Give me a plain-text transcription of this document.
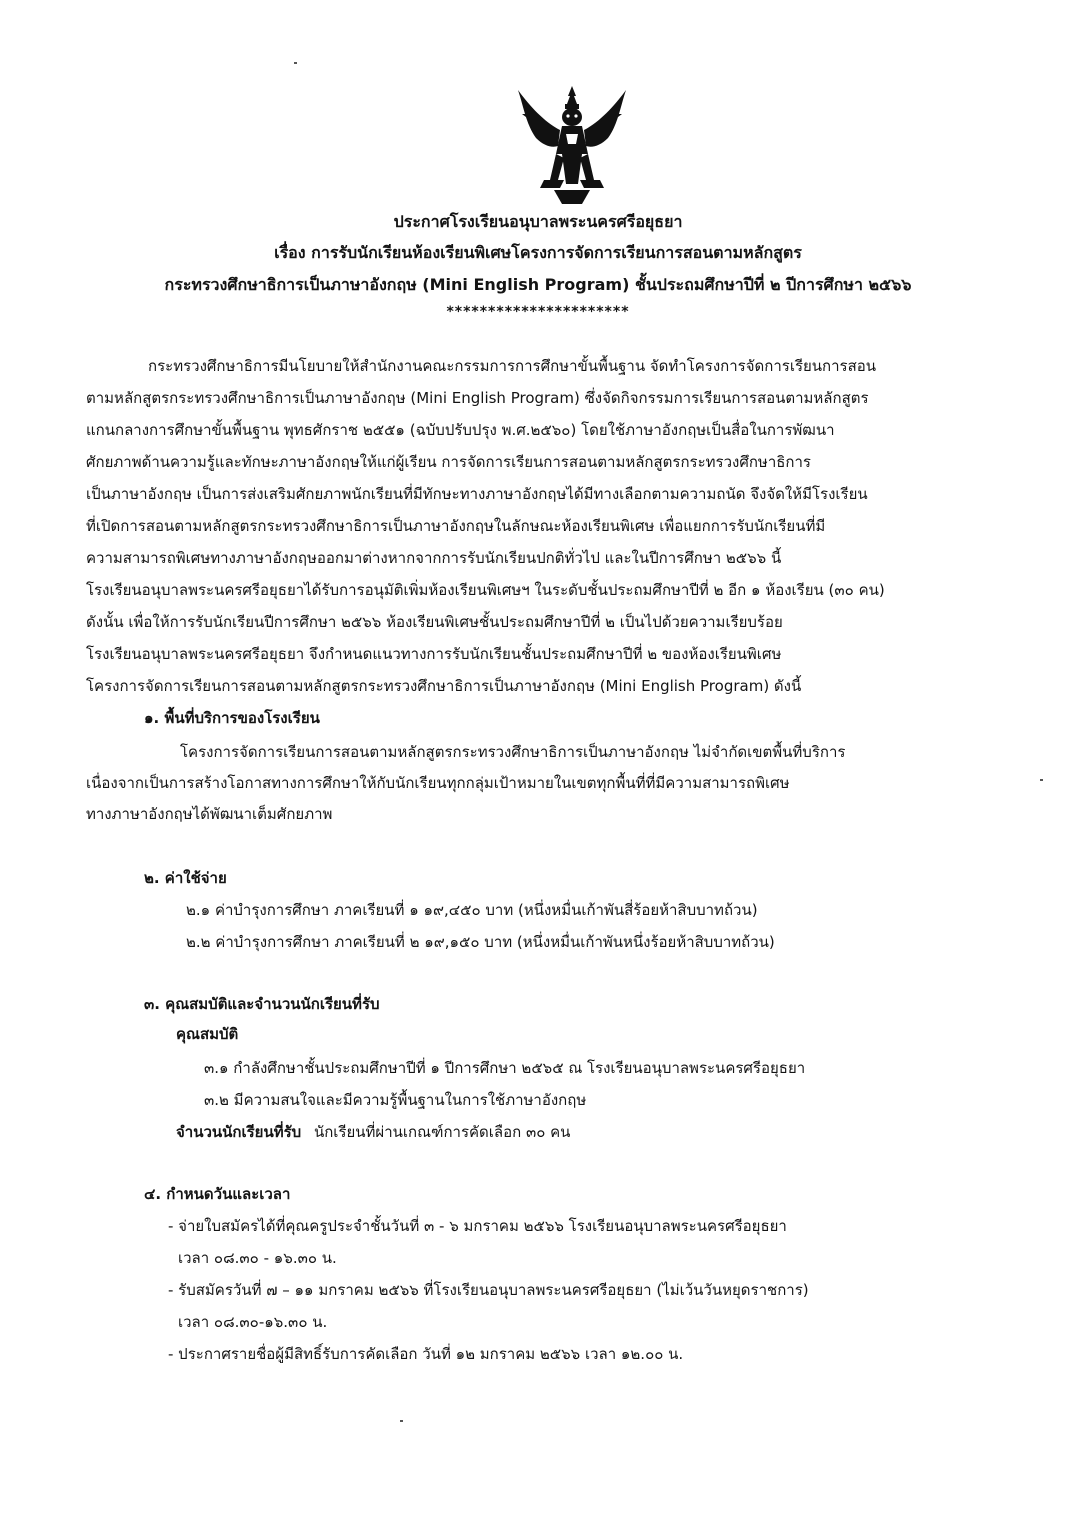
ประกาศโรงเรียนอนุบาลพระนครศรีอยุธยา
เรื่อง การรับนักเรียนห้องเรียนพิเศษโครงการจัดการเรียนการสอนตามหลักสูตร
กระทรวงศึกษาธิการเป็นภาษาอังกฤษ (Mini English Program) ชั้นประถมศึกษาปีที่ ๒ ปีการศึกษา ๒๕๖๖
**********************
กระทรวงศึกษาธิการมีนโยบายให้สำนักงานคณะกรรมการการศึกษาขั้นพื้นฐาน จัดทำโครงการจัดการเรียนการสอน
ตามหลักสูตรกระทรวงศึกษาธิการเป็นภาษาอังกฤษ (Mini English Program) ซึ่งจัดกิจกรรมการเรียนการสอนตามหลักสูตร
แกนกลางการศึกษาขั้นพื้นฐาน พุทธศักราช ๒๕๕๑ (ฉบับปรับปรุง พ.ศ.๒๕๖๐) โดยใช้ภาษาอังกฤษเป็นสื่อในการพัฒนา
ศักยภาพด้านความรู้และทักษะภาษาอังกฤษให้แก่ผู้เรียน การจัดการเรียนการสอนตามหลักสูตรกระทรวงศึกษาธิการ
เป็นภาษาอังกฤษ เป็นการส่งเสริมศักยภาพนักเรียนที่มีทักษะทางภาษาอังกฤษได้มีทางเลือกตามความถนัด จึงจัดให้มีโรงเรียน
ที่เปิดการสอนตามหลักสูตรกระทรวงศึกษาธิการเป็นภาษาอังกฤษในลักษณะห้องเรียนพิเศษ เพื่อแยกการรับนักเรียนที่มี
ความสามารถพิเศษทางภาษาอังกฤษออกมาต่างหากจากการรับนักเรียนปกติทั่วไป และในปีการศึกษา ๒๕๖๖ นี้
โรงเรียนอนุบาลพระนครศรีอยุธยาได้รับการอนุมัติเพิ่มห้องเรียนพิเศษฯ ในระดับชั้นประถมศึกษาปีที่ ๒ อีก ๑ ห้องเรียน (๓๐ คน)
ดังนั้น เพื่อให้การรับนักเรียนปีการศึกษา ๒๕๖๖ ห้องเรียนพิเศษชั้นประถมศึกษาปีที่ ๒ เป็นไปด้วยความเรียบร้อย
โรงเรียนอนุบาลพระนครศรีอยุธยา จึงกำหนดแนวทางการรับนักเรียนชั้นประถมศึกษาปีที่ ๒ ของห้องเรียนพิเศษ
โครงการจัดการเรียนการสอนตามหลักสูตรกระทรวงศึกษาธิการเป็นภาษาอังกฤษ (Mini English Program) ดังนี้
๑. พื้นที่บริการของโรงเรียน
โครงการจัดการเรียนการสอนตามหลักสูตรกระทรวงศึกษาธิการเป็นภาษาอังกฤษ ไม่จำกัดเขตพื้นที่บริการ
เนื่องจากเป็นการสร้างโอกาสทางการศึกษาให้กับนักเรียนทุกกลุ่มเป้าหมายในเขตทุกพื้นที่ที่มีความสามารถพิเศษ
ทางภาษาอังกฤษได้พัฒนาเต็มศักยภาพ
๒. ค่าใช้จ่าย
๒.๑ ค่าบำรุงการศึกษา ภาคเรียนที่ ๑ ๑๙,๔๕๐ บาท (หนึ่งหมื่นเก้าพันสี่ร้อยห้าสิบบาทถ้วน)
๒.๒ ค่าบำรุงการศึกษา ภาคเรียนที่ ๒ ๑๙,๑๕๐ บาท (หนึ่งหมื่นเก้าพันหนึ่งร้อยห้าสิบบาทถ้วน)
๓. คุณสมบัติและจำนวนนักเรียนที่รับ
คุณสมบัติ
๓.๑ กำลังศึกษาชั้นประถมศึกษาปีที่ ๑ ปีการศึกษา ๒๕๖๕ ณ โรงเรียนอนุบาลพระนครศรีอยุธยา
๓.๒ มีความสนใจและมีความรู้พื้นฐานในการใช้ภาษาอังกฤษ
จำนวนนักเรียนที่รับ นักเรียนที่ผ่านเกณฑ์การคัดเลือก ๓๐ คน
๔. กำหนดวันและเวลา
- จ่ายใบสมัครได้ที่คุณครูประจำชั้นวันที่ ๓ - ๖ มกราคม ๒๕๖๖ โรงเรียนอนุบาลพระนครศรีอยุธยา
เวลา ๐๘.๓๐ - ๑๖.๓๐ น.
- รับสมัครวันที่ ๗ – ๑๑ มกราคม ๒๕๖๖ ที่โรงเรียนอนุบาลพระนครศรีอยุธยา (ไม่เว้นวันหยุดราชการ)
เวลา ๐๘.๓๐-๑๖.๓๐ น.
- ประกาศรายชื่อผู้มีสิทธิ์รับการคัดเลือก วันที่ ๑๒ มกราคม ๒๕๖๖ เวลา ๑๒.๐๐ น.
